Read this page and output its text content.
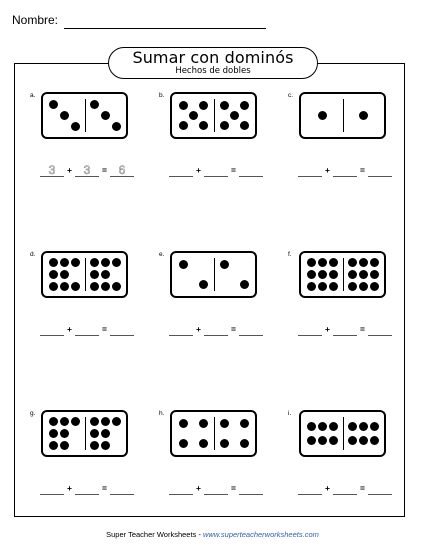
Nombre:
Sumar con dominós
Hechos de dobles
a.
3	3	6
+	=
b.
+	=
c.
+	=
d.
+	=
e.
+	=
f.
+	=
g.
+	=
h.
+	=
i.
+	=
Super Teacher Worksheets - www.superteacherworksheets.com
